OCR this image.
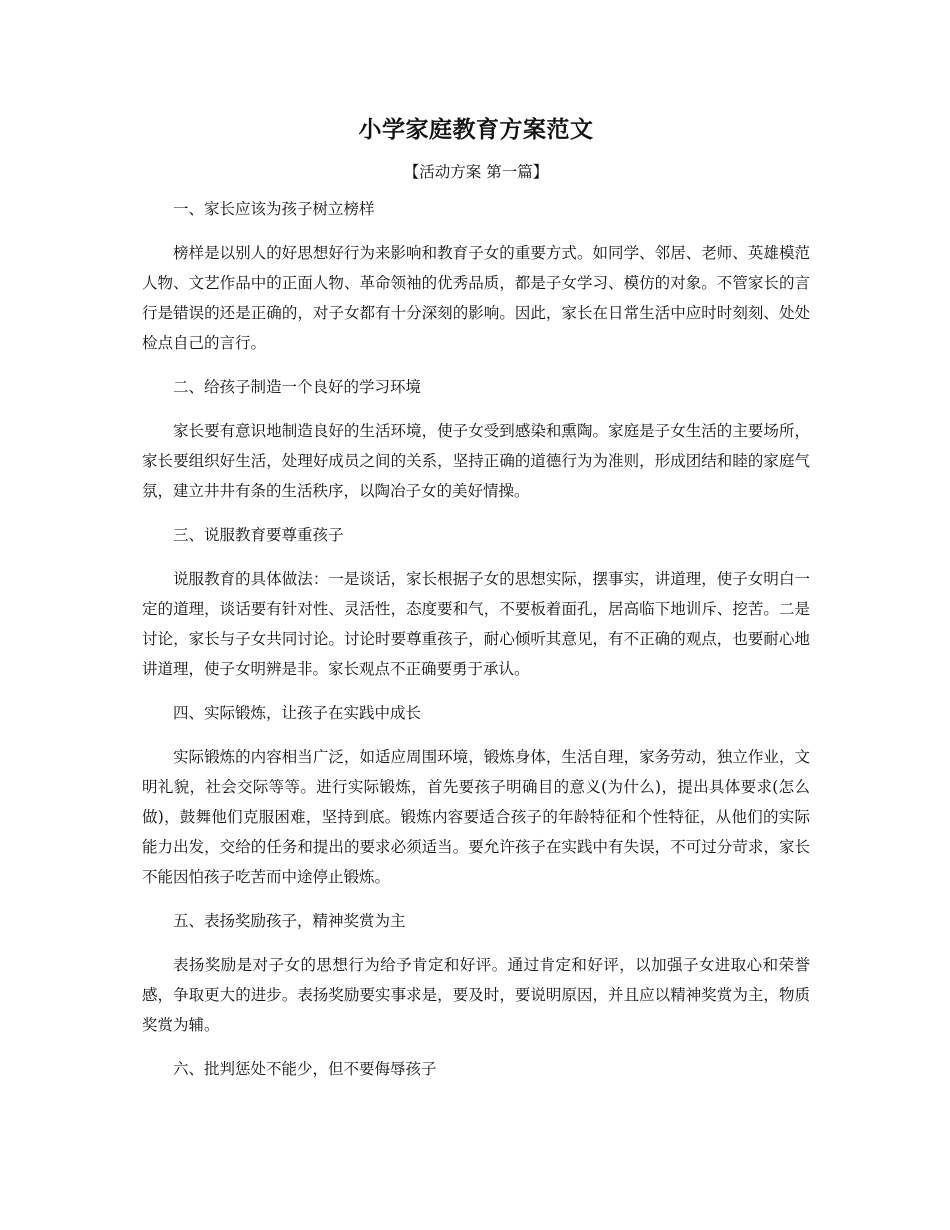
小学家庭教育方案范文
【活动方案 第一篇】
一、家长应该为孩子树立榜样

榜样是以别人的好思想好行为来影响和教育子女的重要方式。如同学、邻居、老师、英雄模范人物、文艺作品中的正面人物、革命领袖的优秀品质，都是子女学习、模仿的对象。不管家长的言行是错误的还是正确的，对子女都有十分深刻的影响。因此，家长在日常生活中应时时刻刻、处处检点自己的言行。

二、给孩子制造一个良好的学习环境

家长要有意识地制造良好的生活环境，使子女受到感染和熏陶。家庭是子女生活的主要场所，家长要组织好生活，处理好成员之间的关系，坚持正确的道德行为为准则，形成团结和睦的家庭气氛，建立井井有条的生活秩序，以陶冶子女的美好情操。

三、说服教育要尊重孩子

说服教育的具体做法：一是谈话，家长根据子女的思想实际，摆事实，讲道理，使子女明白一定的道理，谈话要有针对性、灵活性，态度要和气，不要板着面孔，居高临下地训斥、挖苦。二是讨论，家长与子女共同讨论。讨论时要尊重孩子，耐心倾听其意见，有不正确的观点，也要耐心地讲道理，使子女明辨是非。家长观点不正确要勇于承认。

四、实际锻炼，让孩子在实践中成长

实际锻炼的内容相当广泛，如适应周围环境，锻炼身体，生活自理，家务劳动，独立作业，文明礼貌，社会交际等等。进行实际锻炼，首先要孩子明确目的意义(为什么)，提出具体要求(怎么做)，鼓舞他们克服困难，坚持到底。锻炼内容要适合孩子的年龄特征和个性特征，从他们的实际能力出发，交给的任务和提出的要求必须适当。要允许孩子在实践中有失误，不可过分苛求，家长不能因怕孩子吃苦而中途停止锻炼。

五、表扬奖励孩子，精神奖赏为主

表扬奖励是对子女的思想行为给予肯定和好评。通过肯定和好评，以加强子女进取心和荣誉感，争取更大的进步。表扬奖励要实事求是，要及时，要说明原因，并且应以精神奖赏为主，物质奖赏为辅。

六、批判惩处不能少，但不要侮辱孩子
